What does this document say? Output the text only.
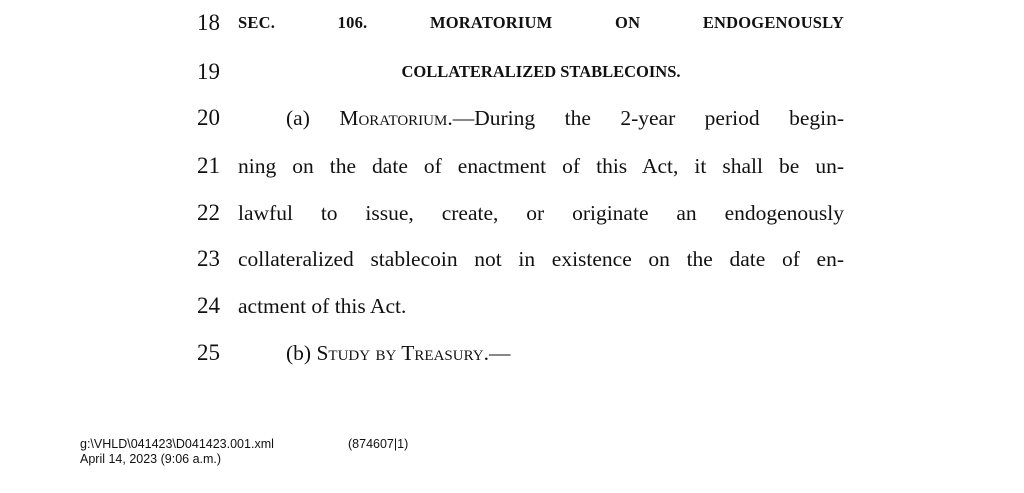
18 SEC.	106.	MORATORIUM	ON	ENDOGENOUSLY
19	COLLATERALIZED STABLECOINS.
20	(a) Moratorium.—During the 2-year period begin-
21 ning on the date of enactment of this Act, it shall be un-
22 lawful to issue, create, or originate an endogenously
23 collateralized stablecoin not in existence on the date of en-
24 actment of this Act.
25	(b) Study by Treasury.—
g:\VHLD\041423\D041423.001.xml	(874607|1)
April 14, 2023 (9:06 a.m.)
